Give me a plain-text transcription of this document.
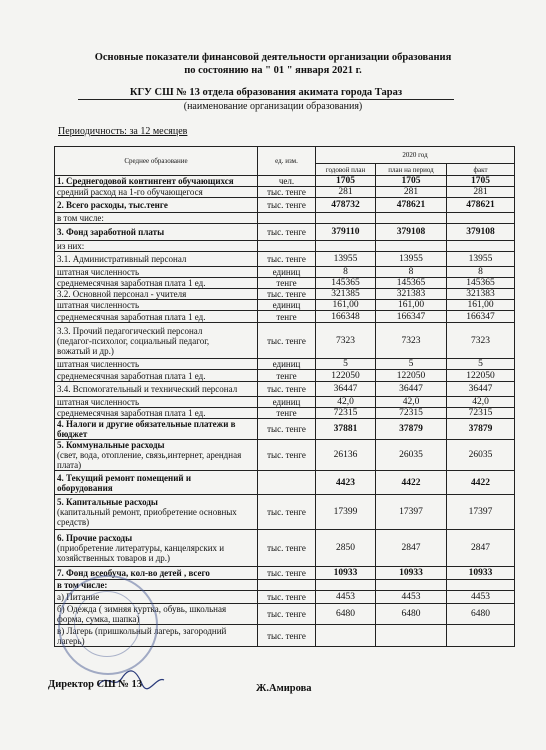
Основные показатели финансовой деятельности организации образования
по состоянию на " 01 " января 2021 г.
КГУ СШ № 13 отдела образования акимата города Тараз
(наименование организации образования)
Периодичность: за 12 месяцев
Среднее образование	ед. изм.	2020 год		
		годовой план	план на период	факт
1. Среднегодовой контингент обучающихся	чел.	1705	1705	1705
средний расход на 1-го обучающегося	тыс. тенге	281	281	281
2. Всего расходы, тыс.тенге	тыс. тенге	478732	478621	478621
в том числе:				
3. Фонд заработной платы	тыс. тенге	379110	379108	379108
из них:				
3.1. Административный персонал	тыс. тенге	13955	13955	13955
штатная численность	единиц	8	8	8
среднемесячная заработная плата 1 ед.	тенге	145365	145365	145365
3.2. Основной персонал - учителя	тыс. тенге	321385	321383	321383
штатная численность	единиц	161,00	161,00	161,00
среднемесячная заработная плата 1 ед.	тенге	166348	166347	166347
3.3. Прочий педагогический персонал
(педагог-психолог, социальный педагог,
вожатый и др.)	тыс. тенге	7323	7323	7323
штатная численность	единиц	5	5	5
среднемесячная заработная плата 1 ед.	тенге	122050	122050	122050
3.4. Вспомогательный и технический персонал	тыс. тенге	36447	36447	36447
штатная численность	единиц	42,0	42,0	42,0
среднемесячная заработная плата 1 ед.	тенге	72315	72315	72315
4. Налоги и другие обязательные платежи в бюджет	тыс. тенге	37881	37879	37879
5. Коммунальные расходы
(свет, вода, отопление, связь,интернет, арендная плата)	тыс. тенге	26136	26035	26035
4. Текущий ремонт помещений и
оборудования		4423	4422	4422
5. Капитальные расходы
(капитальный ремонт, приобретение основных
средств)	тыс. тенге	17399	17397	17397
6. Прочие расходы
(приобретение литературы, канцелярских и
хозяйственных товаров и др.)	тыс. тенге	2850	2847	2847
7. Фонд всеобуча, кол-во детей , всего	тыс. тенге	10933	10933	10933
в том числе:				
а) Питание	тыс. тенге	4453	4453	4453
б) Одежда ( зимняя куртка, обувь, школьная
форма, сумка, шапка)	тыс. тенге	6480	6480	6480
в) Лагерь (пришкольный лагерь, загородний
лагерь)	тыс. тенге			
Директор СШ № 13	Ж.Амирова
